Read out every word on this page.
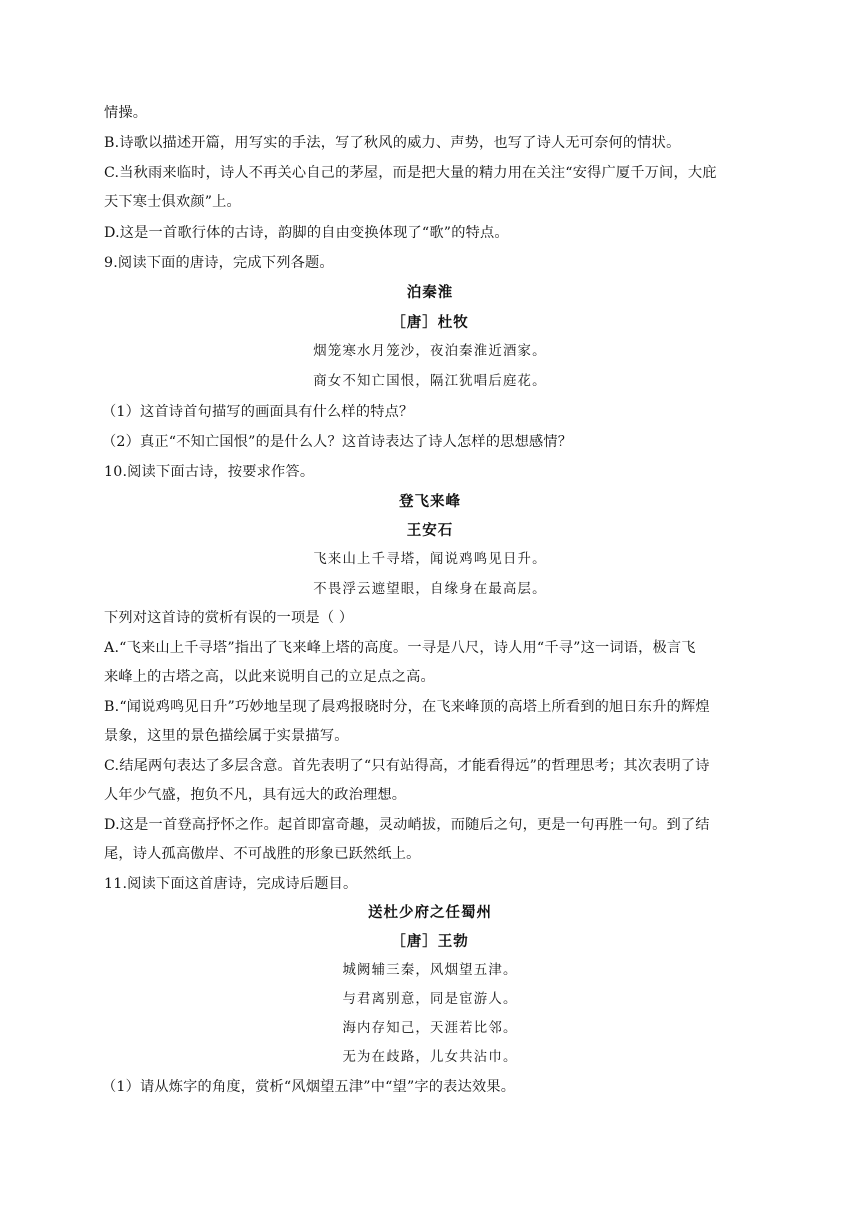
情操。
B.诗歌以描述开篇，用写实的手法，写了秋风的威力、声势，也写了诗人无可奈何的情状。
C.当秋雨来临时，诗人不再关心自己的茅屋，而是把大量的精力用在关注“安得广厦千万间，大庇
天下寒士俱欢颜”上。
D.这是一首歌行体的古诗，韵脚的自由变换体现了“歌”的特点。
9.阅读下面的唐诗，完成下列各题。
泊秦淮
［唐］杜牧
烟笼寒水月笼沙，夜泊秦淮近酒家。
商女不知亡国恨，隔江犹唱后庭花。
（1）这首诗首句描写的画面具有什么样的特点？
（2）真正“不知亡国恨”的是什么人？这首诗表达了诗人怎样的思想感情？
10.阅读下面古诗，按要求作答。
登飞来峰
王安石
飞来山上千寻塔，闻说鸡鸣见日升。
不畏浮云遮望眼，自缘身在最高层。
下列对这首诗的赏析有误的一项是（ ）
A.“飞来山上千寻塔”指出了飞来峰上塔的高度。一寻是八尺，诗人用“千寻”这一词语，极言飞
来峰上的古塔之高，以此来说明自己的立足点之高。
B.“闻说鸡鸣见日升”巧妙地呈现了晨鸡报晓时分，在飞来峰顶的高塔上所看到的旭日东升的辉煌
景象，这里的景色描绘属于实景描写。
C.结尾两句表达了多层含意。首先表明了“只有站得高，才能看得远”的哲理思考；其次表明了诗
人年少气盛，抱负不凡，具有远大的政治理想。
D.这是一首登高抒怀之作。起首即富奇趣，灵动峭拔，而随后之句，更是一句再胜一句。到了结
尾，诗人孤高傲岸、不可战胜的形象已跃然纸上。
11.阅读下面这首唐诗，完成诗后题目。
送杜少府之任蜀州
［唐］王勃
城阙辅三秦，风烟望五津。
与君离别意，同是宦游人。
海内存知己，天涯若比邻。
无为在歧路，儿女共沾巾。
（1）请从炼字的角度，赏析“风烟望五津”中“望”字的表达效果。
